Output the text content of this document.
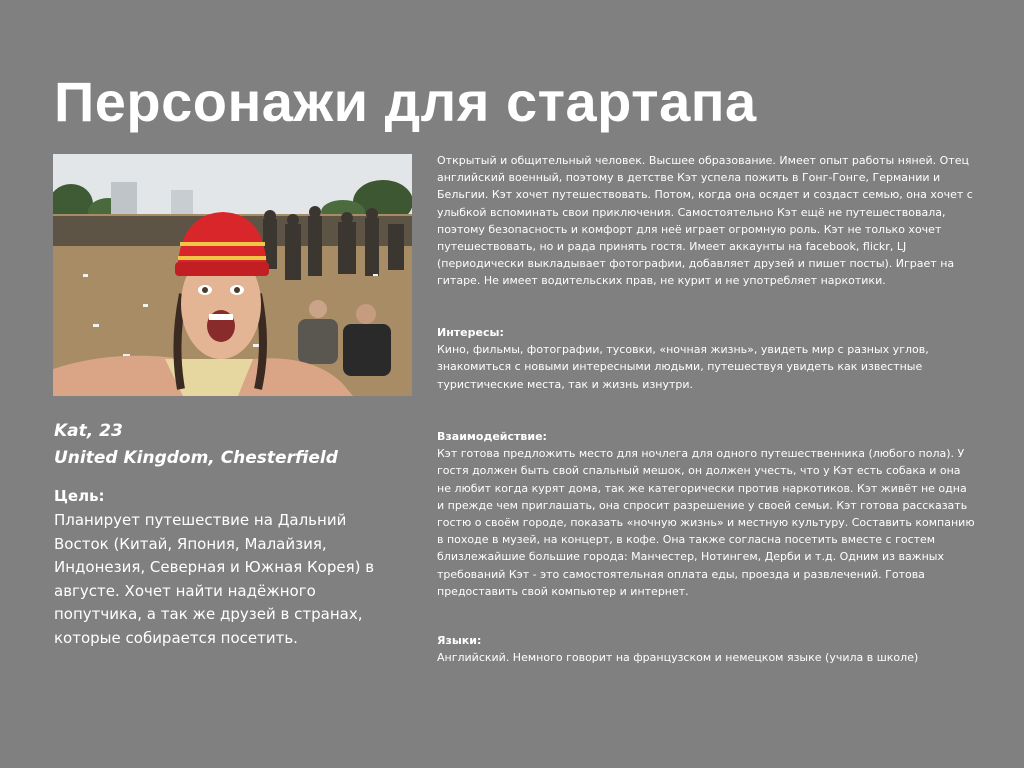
Персонажи для стартапа
Kat, 23
United Kingdom, Chesterfield
Цель:
Планирует путешествие на Дальний Восток (Китай, Япония, Малайзия, Индонезия, Северная и Южная Корея) в августе. Хочет найти надёжного попутчика, а так же друзей в странах, которые собирается посетить.

Открытый и общительный человек. Высшее образование. Имеет опыт работы няней. Отец английский военный, поэтому в детстве Кэт успела пожить в Гонг-Гонге, Германии и Бельгии. Кэт хочет путешествовать. Потом, когда она осядет и создаст семью, она хочет с улыбкой вспоминать свои приключения. Самостоятельно Кэт ещё не путешествовала, поэтому безопасность и комфорт для неё играет огромную роль. Кэт не только хочет путешествовать, но и рада принять гостя. Имеет аккаунты на facebook, flickr, LJ (периодически выкладывает фотографии, добавляет друзей и пишет посты). Играет на гитаре. Не имеет водительских прав, не курит и не употребляет наркотики.

Интересы:

Кино, фильмы, фотографии, тусовки, «ночная жизнь», увидеть мир с разных углов, знакомиться с новыми интересными людьми, путешествуя увидеть как известные туристические места, так и жизнь изнутри.

Взаимодействие:

Кэт готова предложить место для ночлега для одного путешественника (любого пола). У гостя должен быть свой спальный мешок, он должен учесть, что у Кэт есть собака и она не любит когда курят дома, так же категорически против наркотиков. Кэт живёт не одна и прежде чем приглашать, она спросит разрешение у своей семьи. Кэт готова рассказать гостю о своём городе, показать «ночную жизнь» и местную культуру. Составить компанию в походе в музей, на концерт, в кофе. Она также согласна посетить вместе с гостем близлежайшие большие города: Манчестер, Нотингем, Дерби и т.д. Одним из важных требований Кэт - это самостоятельная оплата еды, проезда и развлечений. Готова предоставить свой компьютер и интернет.

Языки:

Английский. Немного говорит на французском и немецком языке (учила в школе)
